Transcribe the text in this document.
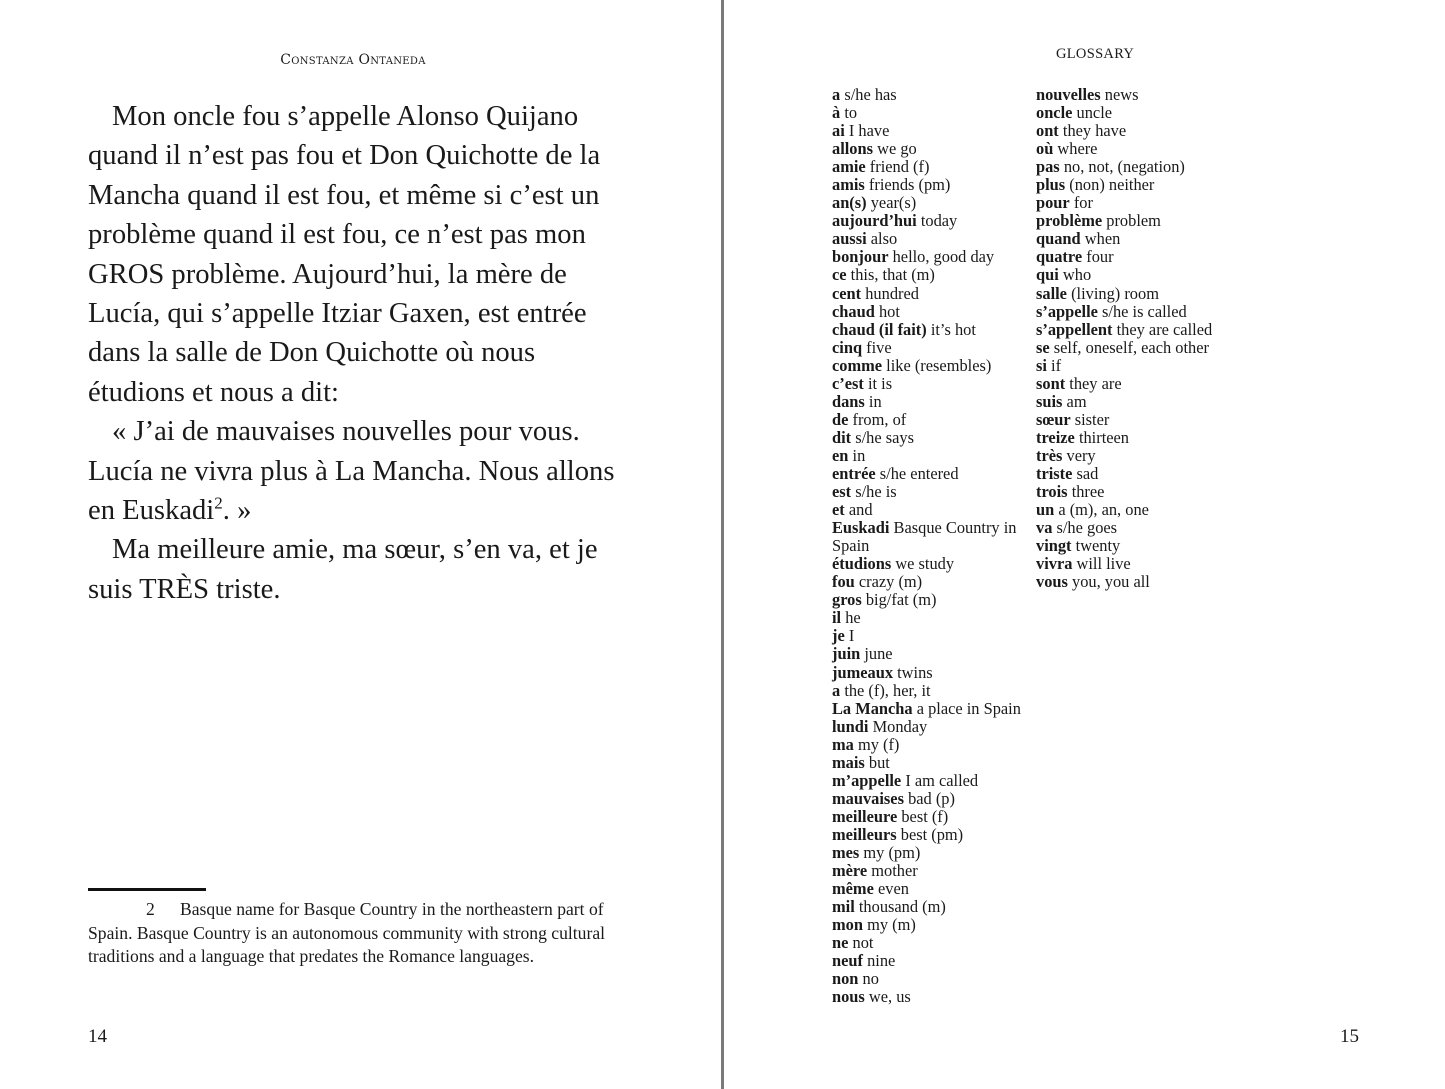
Constanza Ontaneda

Mon oncle fou s’appelle Alonso Quijano quand il n’est pas fou et Don Quichotte de la Mancha quand il est fou, et même si c’est un problème quand il est fou, ce n’est pas mon GROS problème. Aujourd’hui, la mère de Lucía, qui s’appelle Itziar Gaxen, est entrée dans la salle de Don Quichotte où nous étudions et nous a dit:

« J’ai de mauvaises nouvelles pour vous. Lucía ne vivra plus à La Mancha. Nous allons en Euskadi$^2$. »

Ma meilleure amie, ma sœur, s’en va, et je suis TRÈS triste.

2 Basque name for Basque Country in the northeastern part of Spain. Basque Country is an autonomous community with strong cultural traditions and a language that predates the Romance languages.
14
GLOSSARY
a s/he has
à to
ai I have
allons we go
amie friend (f)
amis friends (pm)
an(s) year(s)
aujourd’hui today
aussi also
bonjour hello, good day
ce this, that (m)
cent hundred
chaud hot
chaud (il fait) it’s hot
cinq five
comme like (resembles)
c’est it is
dans in
de from, of
dit s/he says
en in
entrée s/he entered
est s/he is
et and
Euskadi Basque Country in Spain
étudions we study
fou crazy (m)
gros big/fat (m)
il he
je I
juin june
jumeaux twins
a the (f), her, it
La Mancha a place in Spain
lundi Monday
ma my (f)
mais but
m’appelle I am called
mauvaises bad (p)
meilleure best (f)
meilleurs best (pm)
mes my (pm)
mère mother
même even
mil thousand (m)
mon my (m)
ne not
neuf nine
non no
nous we, us
nouvelles news
oncle uncle
ont they have
où where
pas no, not, (negation)
plus (non) neither
pour for
problème problem
quand when
quatre four
qui who
salle (living) room
s’appelle s/he is called
s’appellent they are called
se self, oneself, each other
si if
sont they are
suis am
sœur sister
treize thirteen
très very
triste sad
trois three
un a (m), an, one
va s/he goes
vingt twenty
vivra will live
vous you, you all
15
